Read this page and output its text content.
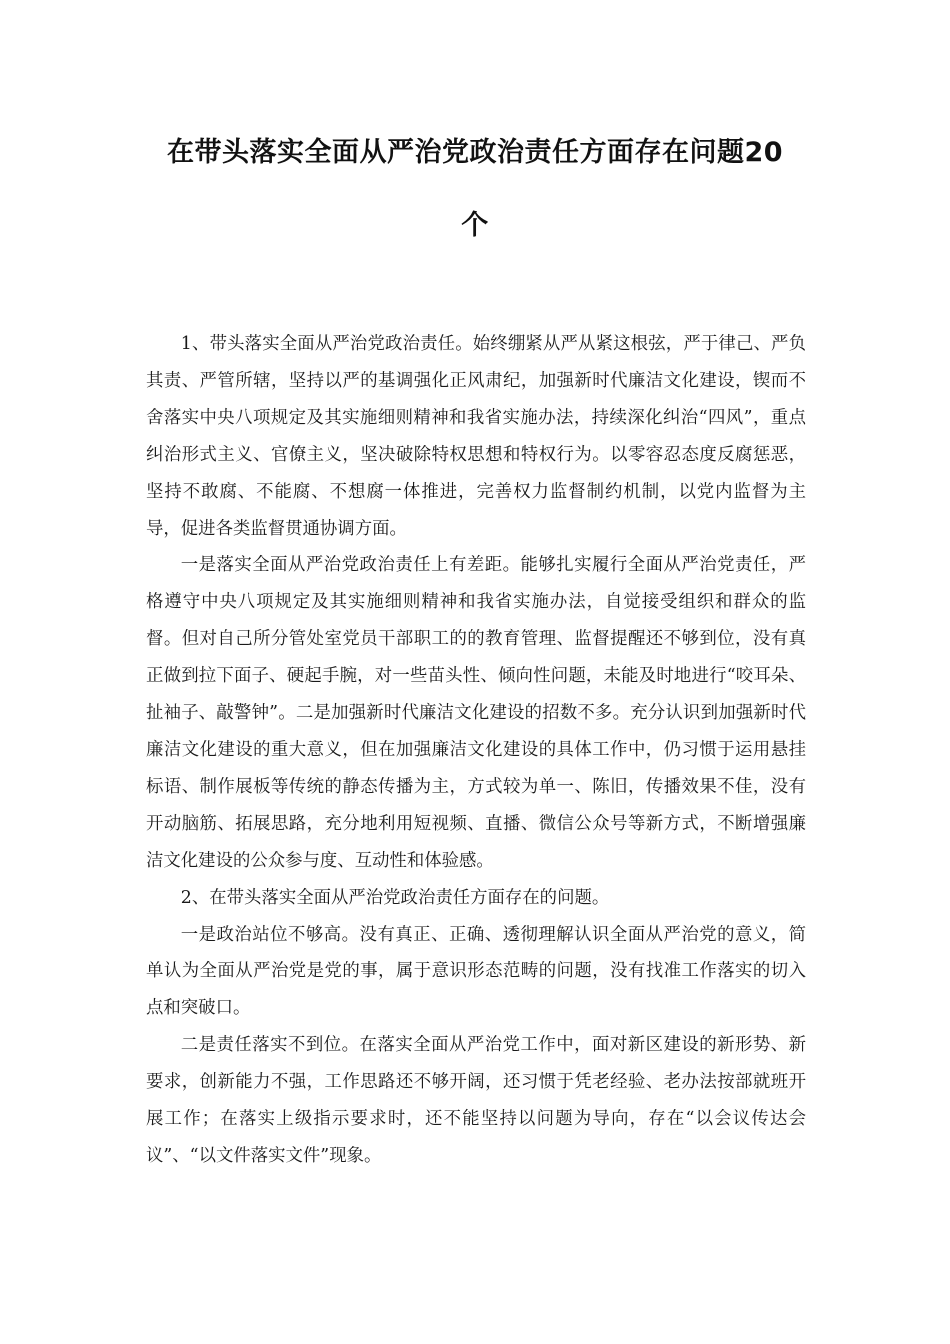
在带头落实全面从严治党政治责任方面存在问题20
个

1、带头落实全面从严治党政治责任。始终绷紧从严从紧这根弦，严于律己、严负其责、严管所辖，坚持以严的基调强化正风肃纪，加强新时代廉洁文化建设，锲而不舍落实中央八项规定及其实施细则精神和我省实施办法，持续深化纠治“四风”，重点纠治形式主义、官僚主义，坚决破除特权思想和特权行为。以零容忍态度反腐惩恶，坚持不敢腐、不能腐、不想腐一体推进，完善权力监督制约机制，以党内监督为主导，促进各类监督贯通协调方面。

一是落实全面从严治党政治责任上有差距。能够扎实履行全面从严治党责任，严格遵守中央八项规定及其实施细则精神和我省实施办法，自觉接受组织和群众的监督。但对自己所分管处室党员干部职工的的教育管理、监督提醒还不够到位，没有真正做到拉下面子、硬起手腕，对一些苗头性、倾向性问题，未能及时地进行“咬耳朵、扯袖子、敲警钟”。二是加强新时代廉洁文化建设的招数不多。充分认识到加强新时代廉洁文化建设的重大意义，但在加强廉洁文化建设的具体工作中，仍习惯于运用悬挂标语、制作展板等传统的静态传播为主，方式较为单一、陈旧，传播效果不佳，没有开动脑筋、拓展思路，充分地利用短视频、直播、微信公众号等新方式，不断增强廉洁文化建设的公众参与度、互动性和体验感。

2、在带头落实全面从严治党政治责任方面存在的问题。

一是政治站位不够高。没有真正、正确、透彻理解认识全面从严治党的意义，简单认为全面从严治党是党的事，属于意识形态范畴的问题，没有找准工作落实的切入点和突破口。

二是责任落实不到位。在落实全面从严治党工作中，面对新区建设的新形势、新要求，创新能力不强，工作思路还不够开阔，还习惯于凭老经验、老办法按部就班开展工作；在落实上级指示要求时，还不能坚持以问题为导向，存在“以会议传达会议”、“以文件落实文件”现象。
